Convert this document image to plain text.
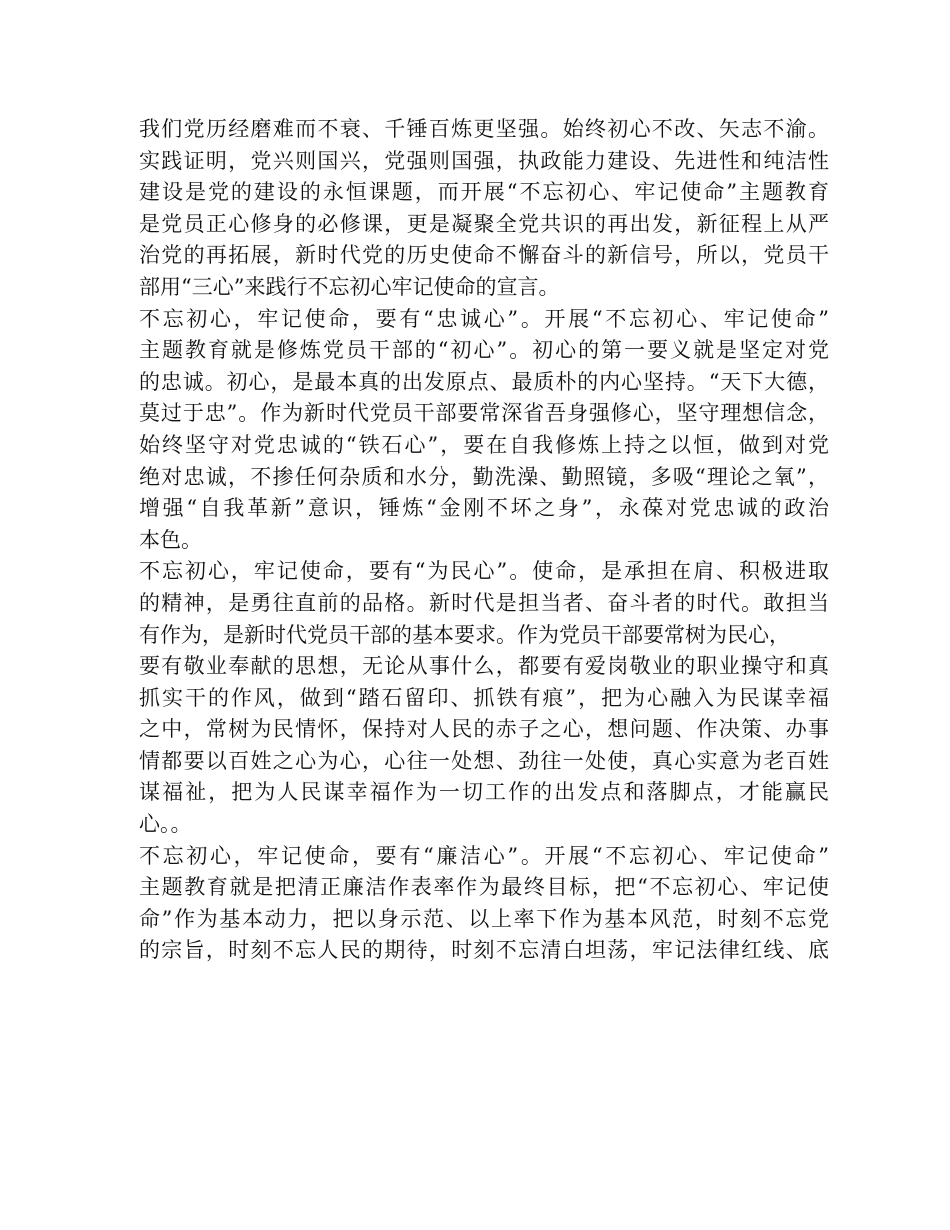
我们党历经磨难而不衰、千锤百炼更坚强。始终初心不改、矢志不渝。
实践证明，党兴则国兴，党强则国强，执政能力建设、先进性和纯洁性
建设是党的建设的永恒课题，而开展“不忘初心、牢记使命”主题教育
是党员正心修身的必修课，更是凝聚全党共识的再出发，新征程上从严
治党的再拓展，新时代党的历史使命不懈奋斗的新信号，所以，党员干
部用“三心”来践行不忘初心牢记使命的宣言。
不忘初心，牢记使命，要有“忠诚心”。开展“不忘初心、牢记使命”
主题教育就是修炼党员干部的“初心”。初心的第一要义就是坚定对党
的忠诚。初心，是最本真的出发原点、最质朴的内心坚持。“天下大德，
莫过于忠”。作为新时代党员干部要常深省吾身强修心，坚守理想信念，
始终坚守对党忠诚的“铁石心”，要在自我修炼上持之以恒，做到对党
绝对忠诚，不掺任何杂质和水分，勤洗澡、勤照镜，多吸“理论之氧”，
增强“自我革新”意识，锤炼“金刚不坏之身”，永葆对党忠诚的政治
本色。
不忘初心，牢记使命，要有“为民心”。使命，是承担在肩、积极进取
的精神，是勇往直前的品格。新时代是担当者、奋斗者的时代。敢担当
有作为，是新时代党员干部的基本要求。作为党员干部要常树为民心，
要有敬业奉献的思想，无论从事什么，都要有爱岗敬业的职业操守和真
抓实干的作风，做到“踏石留印、抓铁有痕”，把为心融入为民谋幸福
之中，常树为民情怀，保持对人民的赤子之心，想问题、作决策、办事
情都要以百姓之心为心，心往一处想、劲往一处使，真心实意为老百姓
谋福祉，把为人民谋幸福作为一切工作的出发点和落脚点，才能赢民
心。。
不忘初心，牢记使命，要有“廉洁心”。开展“不忘初心、牢记使命”
主题教育就是把清正廉洁作表率作为最终目标，把“不忘初心、牢记使
命”作为基本动力，把以身示范、以上率下作为基本风范，时刻不忘党
的宗旨，时刻不忘人民的期待，时刻不忘清白坦荡，牢记法律红线、底
